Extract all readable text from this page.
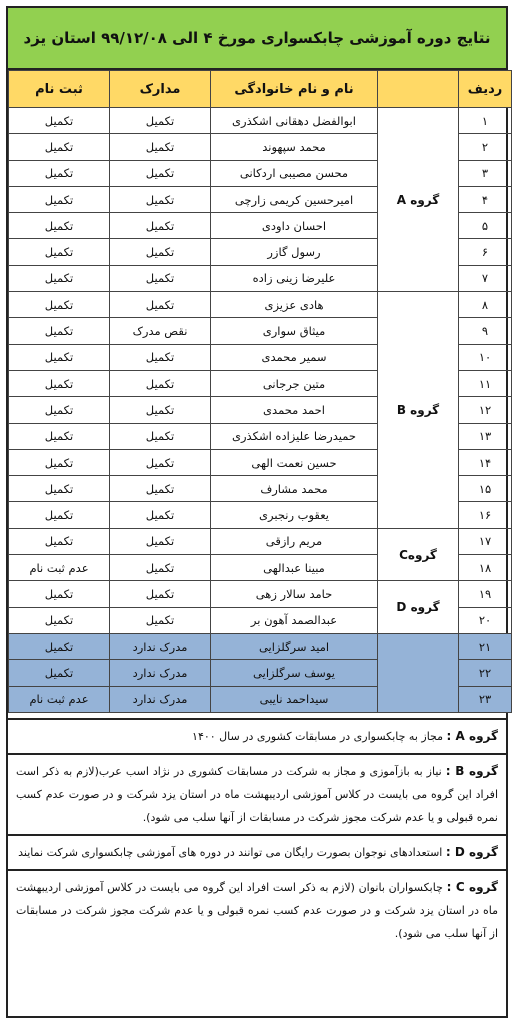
نتایج دوره آموزشی چابکسواری مورخ ۴ الی ۹۹/۱۲/۰۸ استان یزد
ردیف		نام و نام خانوادگی	مدارک	ثبت نام
۱	گروه A	ابوالفضل دهقانی اشکذری	تکمیل	تکمیل
۲		محمد سپهوند	تکمیل	تکمیل
۳		محسن مصیبی اردکانی	تکمیل	تکمیل
۴		امیرحسین کریمی زارچی	تکمیل	تکمیل
۵		احسان داودی	تکمیل	تکمیل
۶		رسول گازر	تکمیل	تکمیل
۷		علیرضا زینی زاده	تکمیل	تکمیل
۸	گروه B	هادی عزیزی	تکمیل	تکمیل
۹		میثاق سواری	نقص مدرک	تکمیل
۱۰		سمیر محمدی	تکمیل	تکمیل
۱۱		متین جرجانی	تکمیل	تکمیل
۱۲		احمد محمدی	تکمیل	تکمیل
۱۳		حمیدرضا علیزاده اشکذری	تکمیل	تکمیل
۱۴		حسین نعمت الهی	تکمیل	تکمیل
۱۵		محمد مشارف	تکمیل	تکمیل
۱۶		یعقوب رنجبری	تکمیل	تکمیل
۱۷	گروهC	مریم رازقی	تکمیل	تکمیل
۱۸		مبینا عبدالهی	تکمیل	عدم ثبت نام
۱۹	گروه D	حامد سالار زهی	تکمیل	تکمیل
۲۰		عبدالصمد آهون بر	تکمیل	تکمیل
۲۱		امید سرگلزایی	مدرک ندارد	تکمیل
۲۲		یوسف سرگلزایی	مدرک ندارد	تکمیل
۲۳		سیداحمد نایبی	مدرک ندارد	عدم ثبت نام
گروه A : مجاز به چابکسواری در مسابقات کشوری در سال ۱۴۰۰
گروه B : نیاز به بازآموزی و مجاز به شرکت در مسابقات کشوری در نژاد اسب عرب(لازم به ذکر است افراد این گروه می بایست در کلاس آموزشی اردیبهشت ماه در استان یزد شرکت و در صورت عدم کسب نمره قبولی و یا عدم شرکت مجوز شرکت در مسابقات از آنها سلب می شود).
گروه D : استعدادهای نوجوان بصورت رایگان می توانند در دوره های آموزشی چابکسواری شرکت نمایند
گروه C : چابکسواران بانوان (لازم به ذکر است افراد این گروه می بایست در کلاس آموزشی اردیبهشت ماه در استان یزد شرکت و در صورت عدم کسب نمره قبولی و یا عدم شرکت مجوز شرکت در مسابقات از آنها سلب می شود).
